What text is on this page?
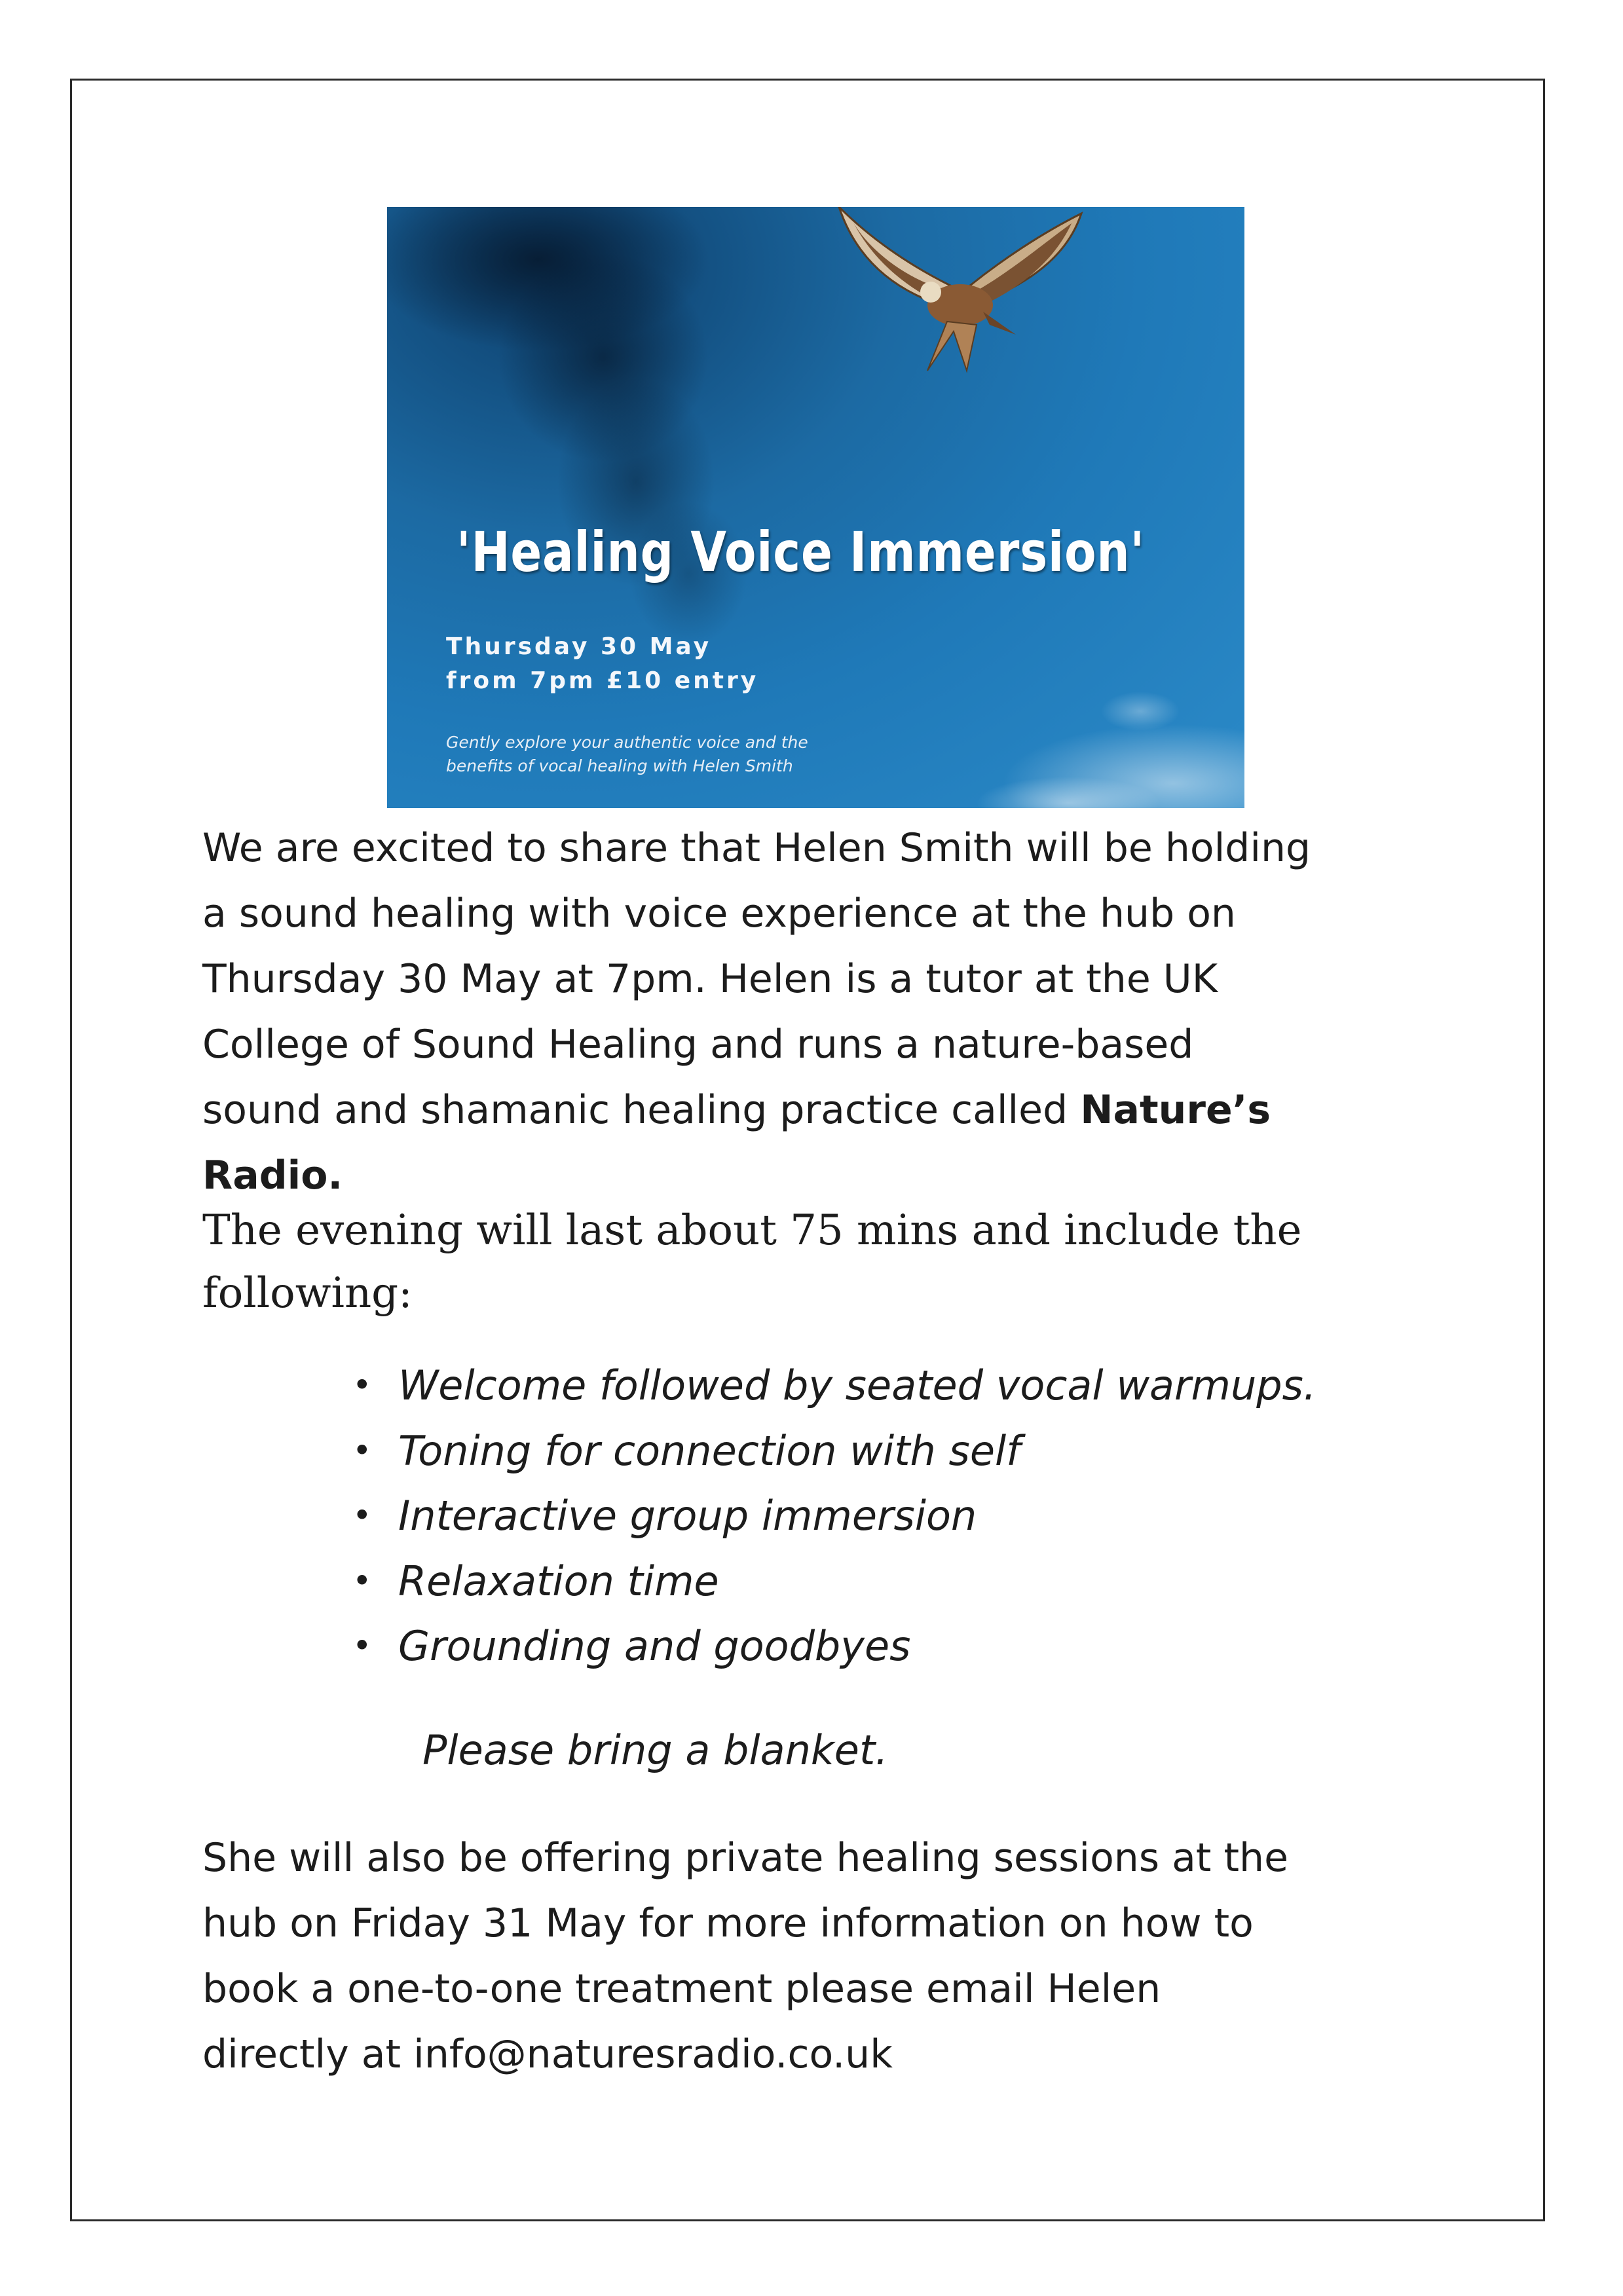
'Healing Voice Immersion'
Thursday 30 May
from 7pm £10 entry
Gently explore your authentic voice and the
benefits of vocal healing with Helen Smith
We are excited to share that Helen Smith will be holding
a sound healing with voice experience at the hub on
Thursday 30 May at 7pm. Helen is a tutor at the UK
College of Sound Healing and runs a nature-based
sound and shamanic healing practice called Nature’s
Radio.
The evening will last about 75 mins and include the
following:
• Welcome followed by seated vocal warmups.
• Toning for connection with self
• Interactive group immersion
• Relaxation time
• Grounding and goodbyes

Please bring a blanket.

She will also be offering private healing sessions at the
hub on Friday 31 May for more information on how to
book a one-to-one treatment please email Helen
directly at info@naturesradio.co.uk
